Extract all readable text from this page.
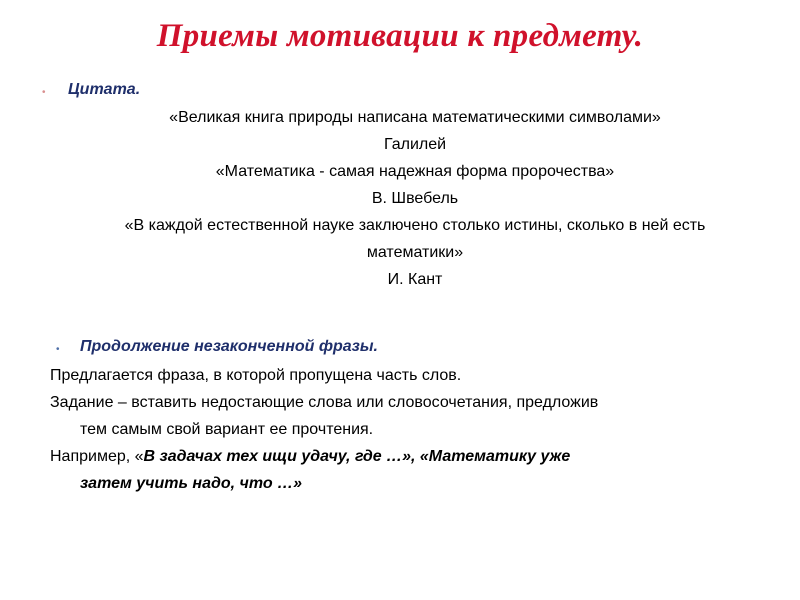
Приемы мотивации к предмету.
• Цитата.
«Великая книга природы написана математическими символами»
Галилей
«Математика - самая надежная форма пророчества»
В. Швебель
«В каждой естественной науке заключено столько истины, сколько в ней есть
математики»
И. Кант
• Продолжение незаконченной фразы.
Предлагается фраза, в которой пропущена часть слов.
Задание – вставить недостающие слова или словосочетания, предложив
тем самым свой вариант ее прочтения.
Например, «В задачах тех ищи удачу, где …», «Математику уже
затем учить надо, что …»
